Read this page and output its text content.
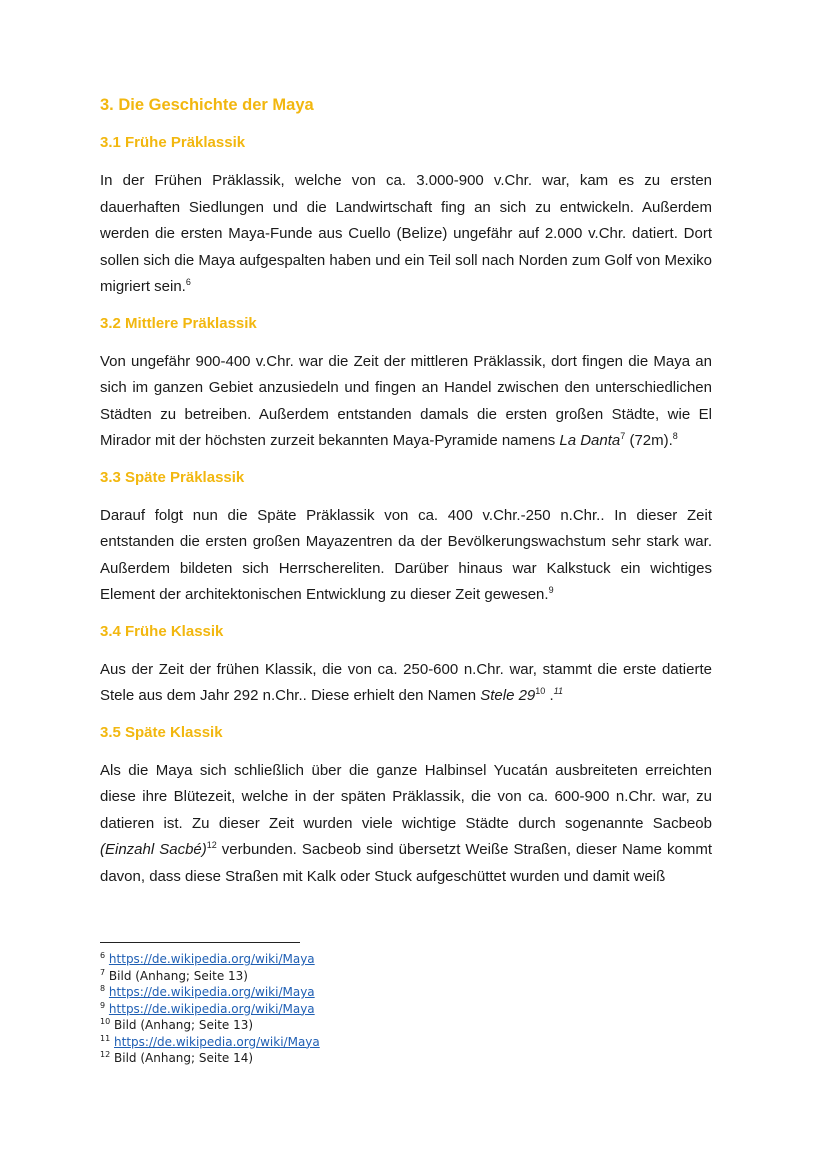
3. Die Geschichte der Maya
3.1 Frühe Präklassik

In der Frühen Präklassik, welche von ca. 3.000-900 v.Chr. war, kam es zu ersten dauerhaften Siedlungen und die Landwirtschaft fing an sich zu entwickeln. Außerdem werden die ersten Maya-Funde aus Cuello (Belize) ungefähr auf 2.000 v.Chr. datiert. Dort sollen sich die Maya aufgespalten haben und ein Teil soll nach Norden zum Golf von Mexiko migriert sein.$^6$

3.2 Mittlere Präklassik

Von ungefähr 900-400 v.Chr. war die Zeit der mittleren Präklassik, dort fingen die Maya an sich im ganzen Gebiet anzusiedeln und fingen an Handel zwischen den unterschiedlichen Städten zu betreiben. Außerdem entstanden damals die ersten großen Städte, wie El Mirador mit der höchsten zurzeit bekannten Maya-Pyramide namens La Danta$^7$ (72m).$^8$

3.3 Späte Präklassik

Darauf folgt nun die Späte Präklassik von ca. 400 v.Chr.-250 n.Chr.. In dieser Zeit entstanden die ersten großen Mayazentren da der Bevölkerungswachstum sehr stark war. Außerdem bildeten sich Herrschereliten. Darüber hinaus war Kalkstuck ein wichtiges Element der architektonischen Entwicklung zu dieser Zeit gewesen.$^9$

3.4 Frühe Klassik

Aus der Zeit der frühen Klassik, die von ca. 250-600 n.Chr. war, stammt die erste datierte Stele aus dem Jahr 292 n.Chr.. Diese erhielt den Namen Stele $29^{10}$ .$^{11}$

3.5 Späte Klassik

Als die Maya sich schließlich über die ganze Halbinsel Yucatán ausbreiteten erreichten diese ihre Blütezeit, welche in der späten Präklassik, die von ca. 600-900 n.Chr. war, zu datieren ist. Zu dieser Zeit wurden viele wichtige Städte durch sogenannte Sacbeob (Einzahl Sacbé)$^{12}$ verbunden. Sacbeob sind übersetzt Weiße Straßen, dieser Name kommt davon, dass diese Straßen mit Kalk oder Stuck aufgeschüttet wurden und damit weiß

$^6$ https://de.wikipedia.org/wiki/Maya
$^7$ Bild (Anhang; Seite 13)
$^8$ https://de.wikipedia.org/wiki/Maya
$^9$ https://de.wikipedia.org/wiki/Maya
$^{10}$ Bild (Anhang; Seite 13)
$^{11}$ https://de.wikipedia.org/wiki/Maya
$^{12}$ Bild (Anhang; Seite 14)
